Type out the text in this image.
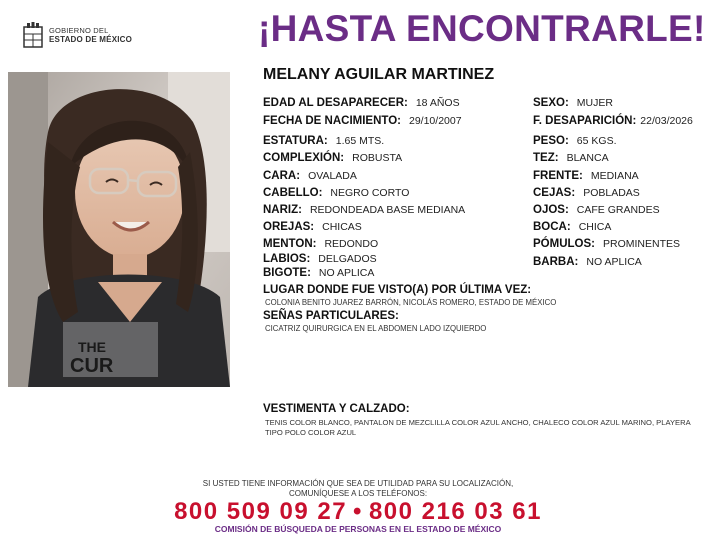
GOBIERNO DEL
ESTADO DE MÉXICO	¡HASTA ENCONTRARLE!
THE
CUR
MELANY AGUILAR MARTINEZ
EDAD AL DESAPARECER: 18 AÑOS
FECHA DE NACIMIENTO: 29/10/2007
ESTATURA: 1.65 MTS.
COMPLEXIÓN: ROBUSTA
CARA: OVALADA
CABELLO: NEGRO CORTO
NARIZ: REDONDEADA BASE MEDIANA
OREJAS: CHICAS
MENTON: REDONDO
LABIOS: DELGADOS
BIGOTE: NO APLICA
SEXO: MUJER
F. DESAPARICIÓN: 22/03/2026
PESO: 65 KGS.
TEZ: BLANCA
FRENTE: MEDIANA
CEJAS: POBLADAS
OJOS: CAFE GRANDES
BOCA: CHICA
PÓMULOS: PROMINENTES
BARBA: NO APLICA
LUGAR DONDE FUE VISTO(A) POR ÚLTIMA VEZ:
COLONIA BENITO JUAREZ BARRÓN, NICOLÁS ROMERO, ESTADO DE MÉXICO
SEÑAS PARTICULARES:
CICATRIZ QUIRURGICA EN EL ABDOMEN LADO IZQUIERDO
VESTIMENTA Y CALZADO:
TENIS COLOR BLANCO, PANTALON DE MEZCLILLA COLOR AZUL ANCHO, CHALECO COLOR AZUL MARINO, PLAYERA TIPO POLO COLOR AZUL
SI USTED TIENE INFORMACIÓN QUE SEA DE UTILIDAD PARA SU LOCALIZACIÓN,
COMUNÍQUESE A LOS TELÉFONOS:
800 509 09 27 • 800 216 03 61
COMISIÓN DE BÚSQUEDA DE PERSONAS EN EL ESTADO DE MÉXICO
